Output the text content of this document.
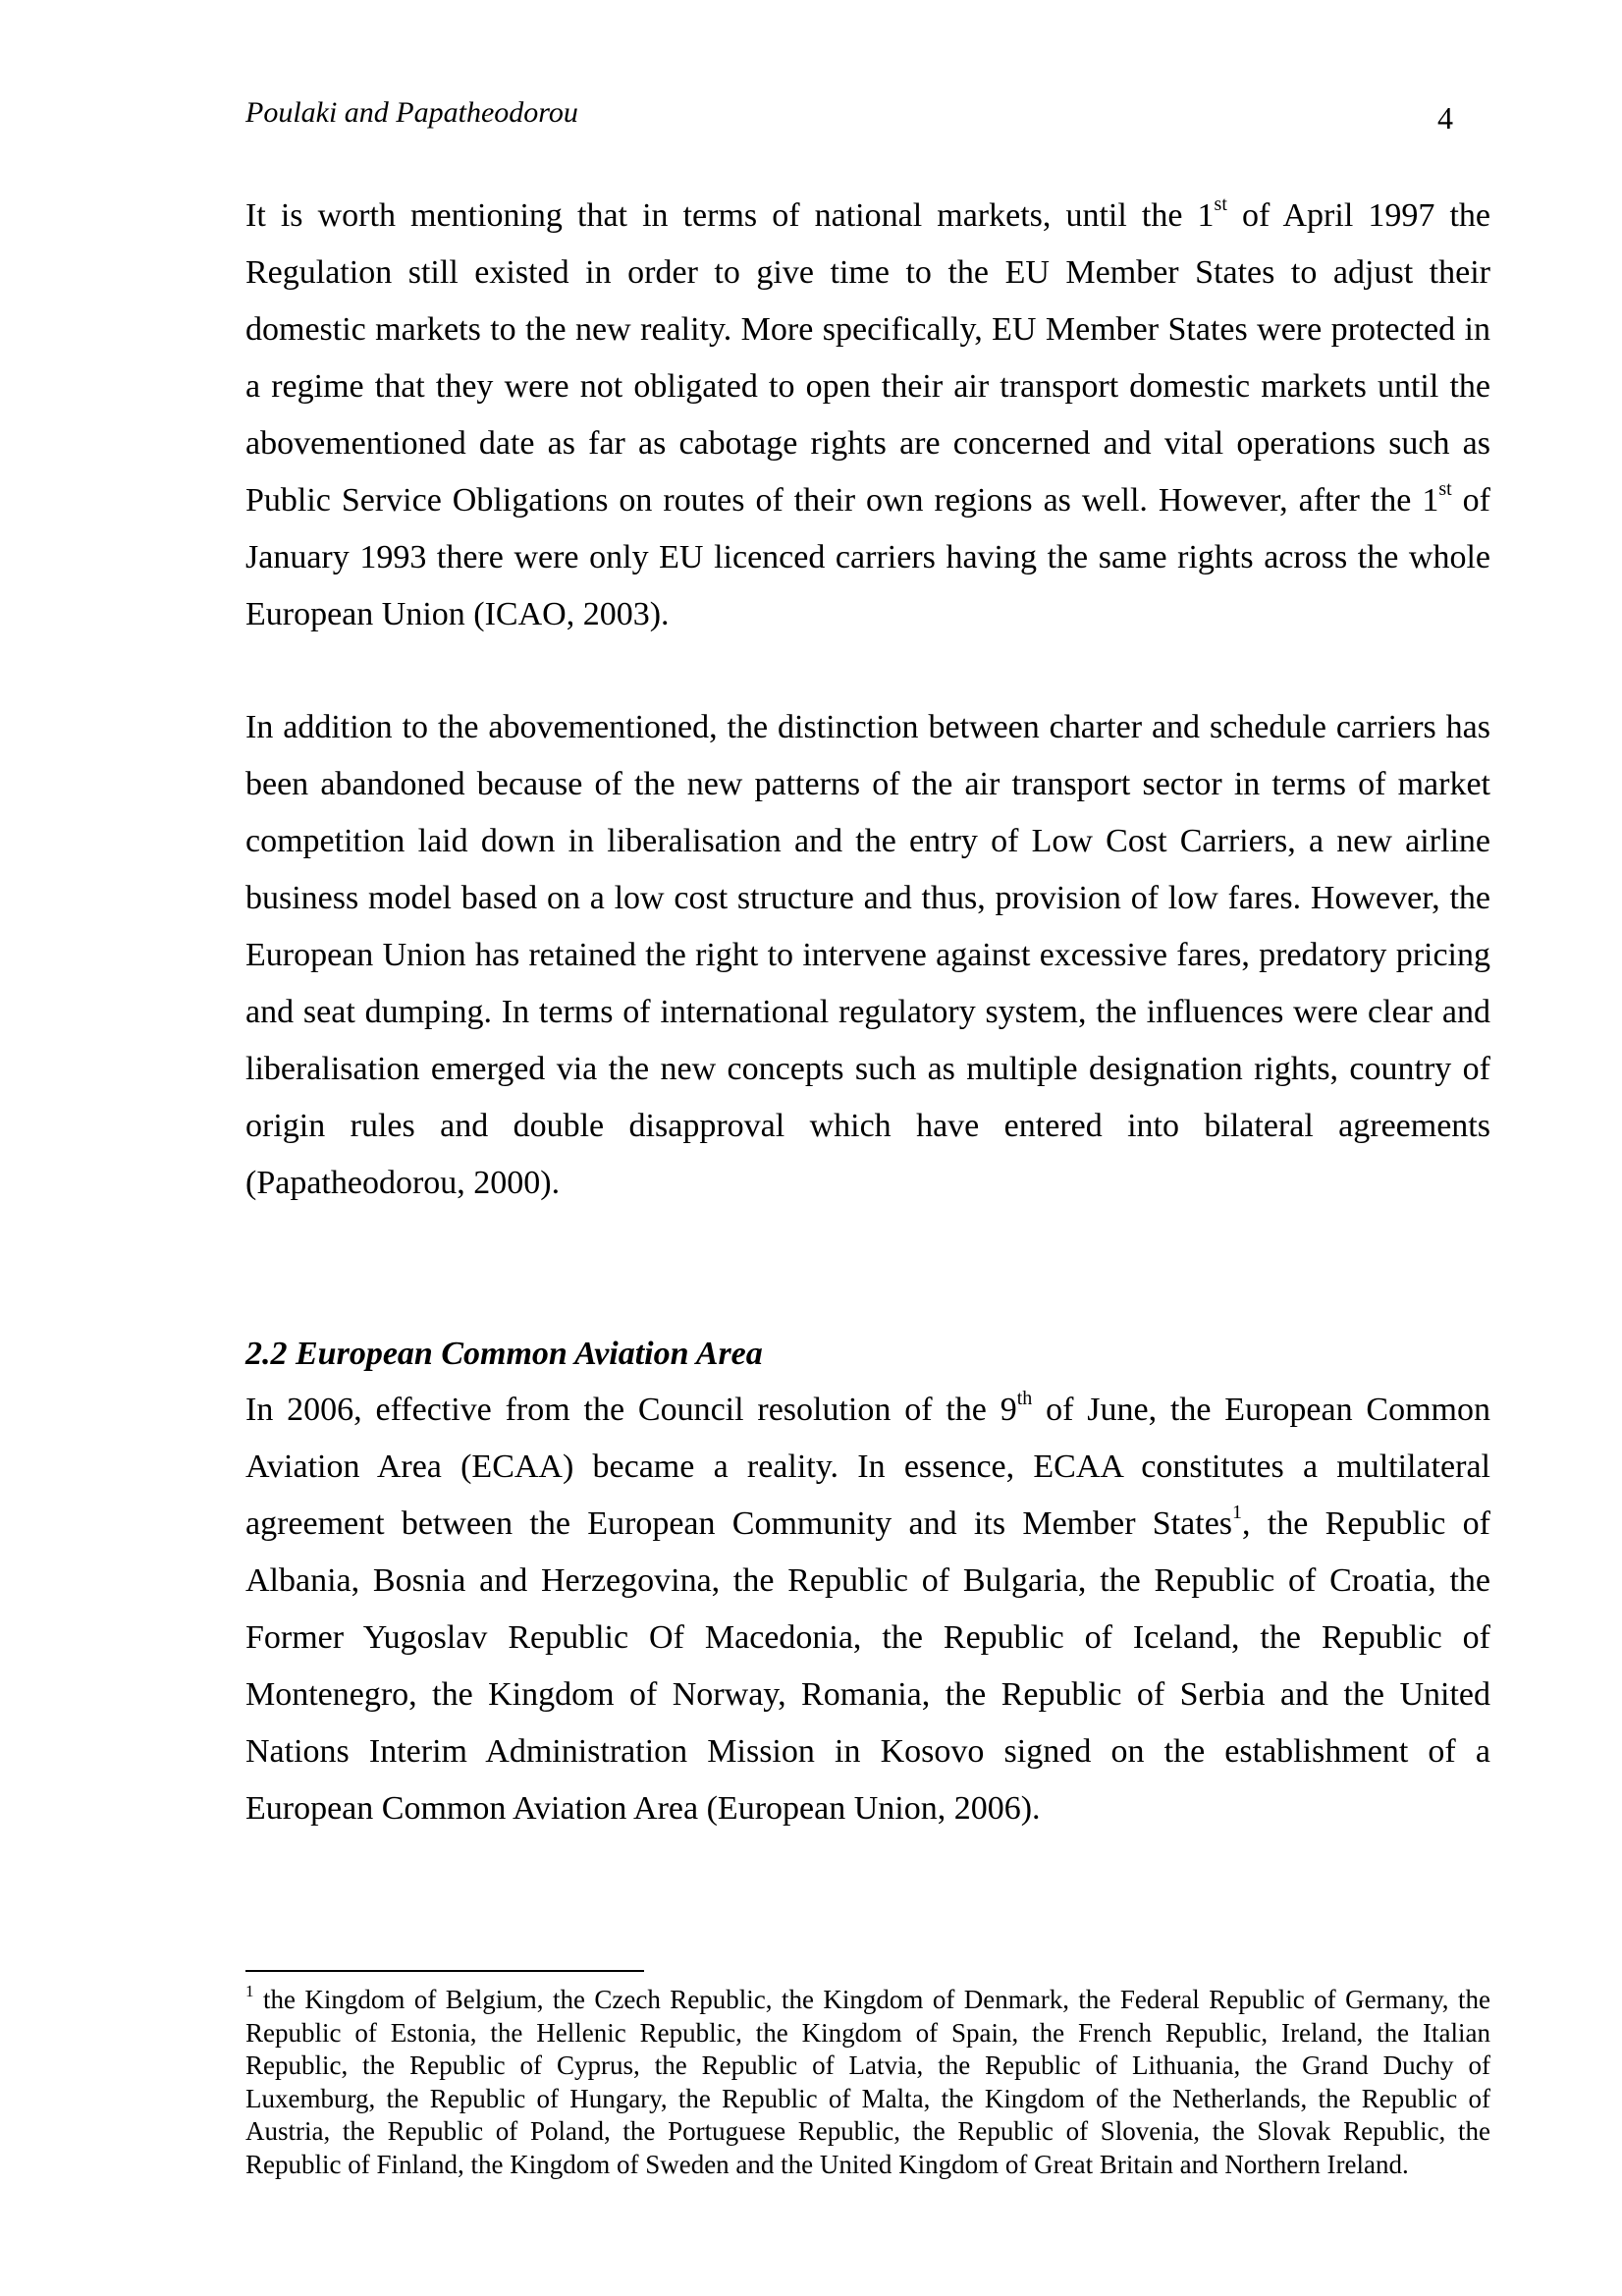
Poulaki and Papatheodorou	4

It is worth mentioning that in terms of national markets, until the 1st of April 1997 the Regulation still existed in order to give time to the EU Member States to adjust their domestic markets to the new reality. More specifically, EU Member States were protected in a regime that they were not obligated to open their air transport domestic markets until the abovementioned date as far as cabotage rights are concerned and vital operations such as Public Service Obligations on routes of their own regions as well. However, after the 1st of January 1993 there were only EU licenced carriers having the same rights across the whole European Union (ICAO, 2003).

In addition to the abovementioned, the distinction between charter and schedule carriers has been abandoned because of the new patterns of the air transport sector in terms of market competition laid down in liberalisation and the entry of Low Cost Carriers, a new airline business model based on a low cost structure and thus, provision of low fares. However, the European Union has retained the right to intervene against excessive fares, predatory pricing and seat dumping. In terms of international regulatory system, the influences were clear and liberalisation emerged via the new concepts such as multiple designation rights, country of origin rules and double disapproval which have entered into bilateral agreements (Papatheodorou, 2000).

2.2 European Common Aviation Area

In 2006, effective from the Council resolution of the 9th of June, the European Common Aviation Area (ECAA) became a reality. In essence, ECAA constitutes a multilateral agreement between the European Community and its Member States$^1$, the Republic of Albania, Bosnia and Herzegovina, the Republic of Bulgaria, the Republic of Croatia, the Former Yugoslav Republic Of Macedonia, the Republic of Iceland, the Republic of Montenegro, the Kingdom of Norway, Romania, the Republic of Serbia and the United Nations Interim Administration Mission in Kosovo signed on the establishment of a European Common Aviation Area (European Union, 2006).

$^1$ the Kingdom of Belgium, the Czech Republic, the Kingdom of Denmark, the Federal Republic of Germany, the Republic of Estonia, the Hellenic Republic, the Kingdom of Spain, the French Republic, Ireland, the Italian Republic, the Republic of Cyprus, the Republic of Latvia, the Republic of Lithuania, the Grand Duchy of Luxemburg, the Republic of Hungary, the Republic of Malta, the Kingdom of the Netherlands, the Republic of Austria, the Republic of Poland, the Portuguese Republic, the Republic of Slovenia, the Slovak Republic, the Republic of Finland, the Kingdom of Sweden and the United Kingdom of Great Britain and Northern Ireland.
